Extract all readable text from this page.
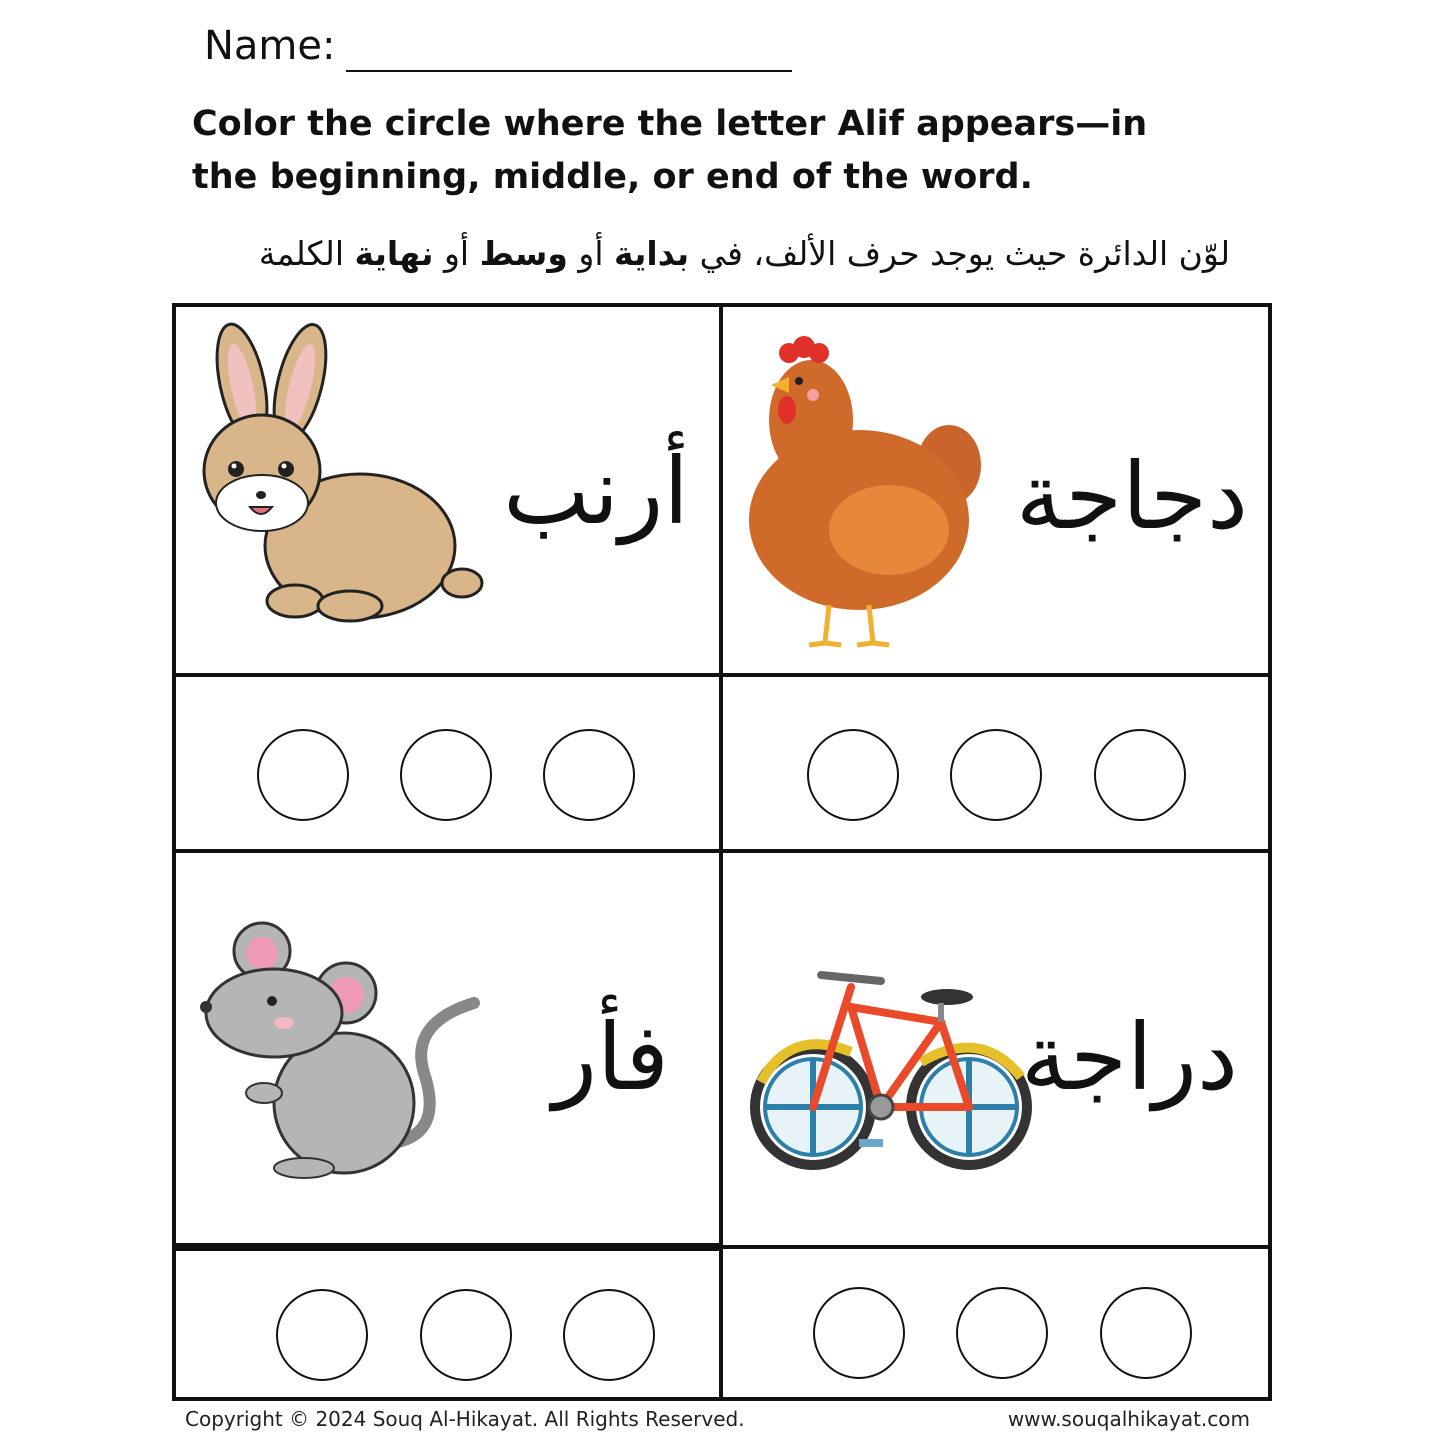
Name:
Color the circle where the letter Alif appears—in the beginning, middle, or end of the word.
لوّن الدائرة حيث يوجد حرف الألف، في بداية أو وسط أو نهاية الكلمة
أرنب	دجاجة
فأر	دراجة
Copyright © 2024 Souq Al-Hikayat. All Rights Reserved.	www.souqalhikayat.com
